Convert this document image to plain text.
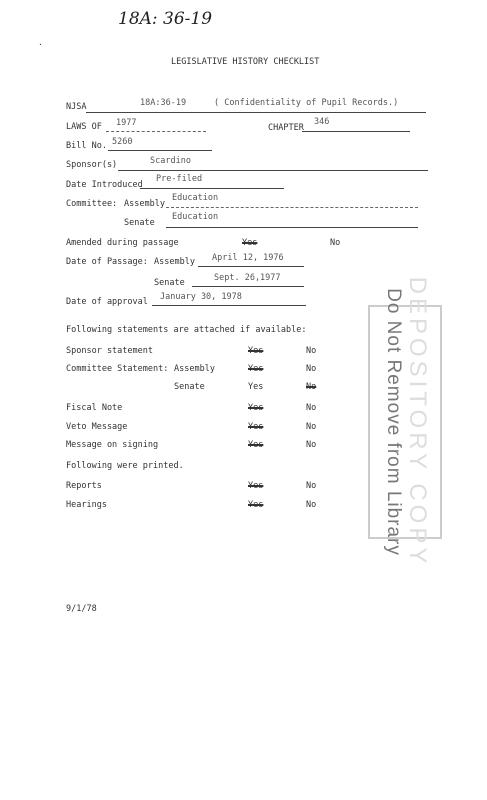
18A: 36-19
·
LEGISLATIVE HISTORY CHECKLIST
NJSA	18A:36-19	( Confidentiality of Pupil Records.)
LAWS OF 1977	CHAPTER
346
Bill No. 5260
Sponsor(s)	Scardino
Date Introduced
Pre-filed
Committee: Assembly
Education
Senate
Education
Amended during passage	Yes	No
Date of Passage: Assembly April 12, 1976
Senate	Sept. 26,1977
Date of approval January 30, 1978
Following statements are attached if available:
Sponsor statement	Yes	No
Committee Statement: Assembly	Yes	No
Senate	Yes	No
Fiscal Note	Yes	No
Veto Message	Yes	No
Message on signing	Yes	No
Following were printed.
Reports	Yes	No
Hearings	Yes	No	DEPOSITORY COPY
Do Not Remove from Library
9/1/78
